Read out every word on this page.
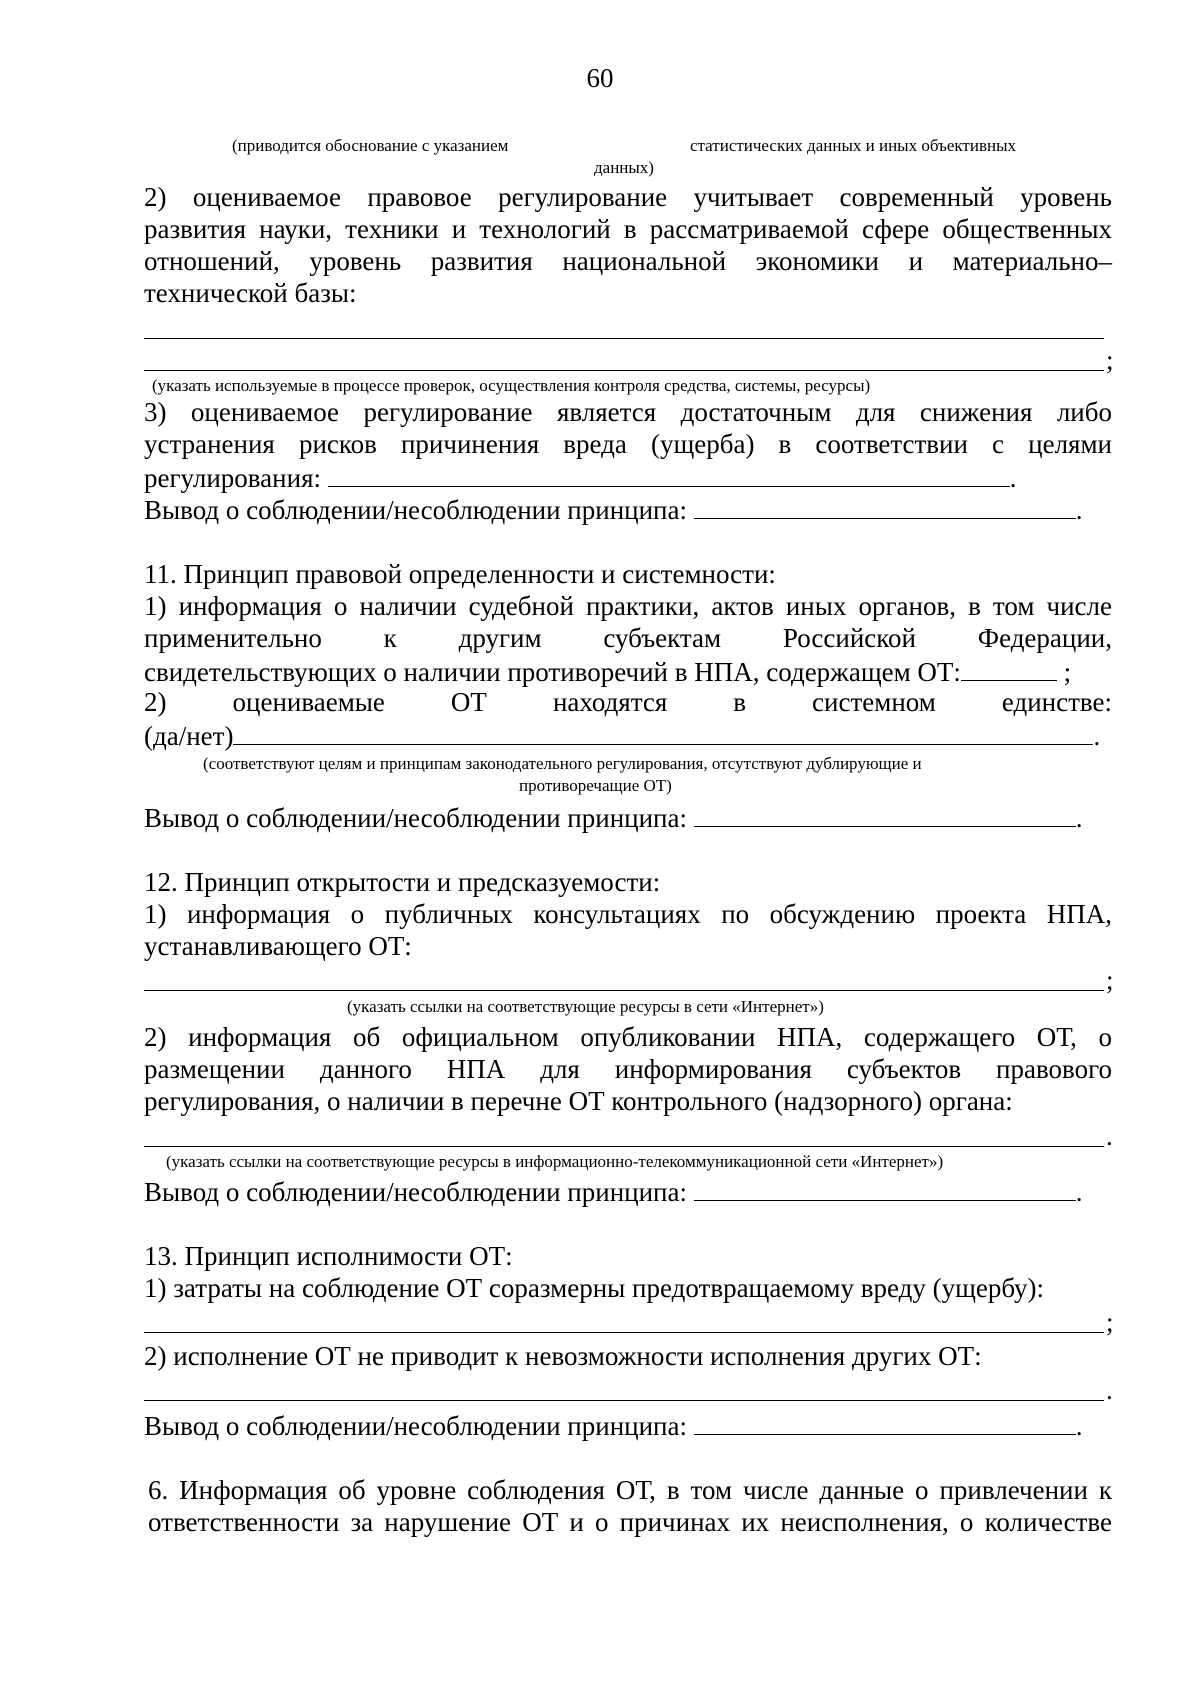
60
(приводится обоснование с указанием	статистических данных и иных объективных
данных)
2) оцениваемое правовое регулирование учитывает современный уровень
развития науки, техники и технологий в рассматриваемой сфере общественных
отношений, уровень развития национальной экономики и материально–
технической базы:
;
(указать используемые в процессе проверок, осуществления контроля средства, системы, ресурсы)
3) оцениваемое регулирование является достаточным для снижения либо
устранения рисков причинения вреда (ущерба) в соответствии с целями
регулирования:	.
Вывод о соблюдении/несоблюдении принципа:	.
11. Принцип правовой определенности и системности:
1) информация о наличии судебной практики, актов иных органов, в том числе
применительно к другим субъектам Российской Федерации,
свидетельствующих о наличии противоречий в НПА, содержащем ОТ:	;
2) оцениваемые ОТ находятся в системном единстве:
(да/нет)	.
(соответствуют целям и принципам законодательного регулирования, отсутствуют дублирующие и
противоречащие ОТ)
Вывод о соблюдении/несоблюдении принципа:	.
12. Принцип открытости и предсказуемости:
1) информация о публичных консультациях по обсуждению проекта НПА,
устанавливающего ОТ:
;
(указать ссылки на соответствующие ресурсы в сети «Интернет»)
2) информация об официальном опубликовании НПА, содержащего ОТ, о
размещении данного НПА для информирования субъектов правового
регулирования, о наличии в перечне ОТ контрольного (надзорного) органа:
.
(указать ссылки на соответствующие ресурсы в информационно-телекоммуникационной сети «Интернет»)
Вывод о соблюдении/несоблюдении принципа:	.
13. Принцип исполнимости ОТ:
1) затраты на соблюдение ОТ соразмерны предотвращаемому вреду (ущербу):
;
2) исполнение ОТ не приводит к невозможности исполнения других ОТ:
.
Вывод о соблюдении/несоблюдении принципа:	.
6. Информация об уровне соблюдения ОТ, в том числе данные о привлечении к
ответственности за нарушение ОТ и о причинах их неисполнения, о количестве
